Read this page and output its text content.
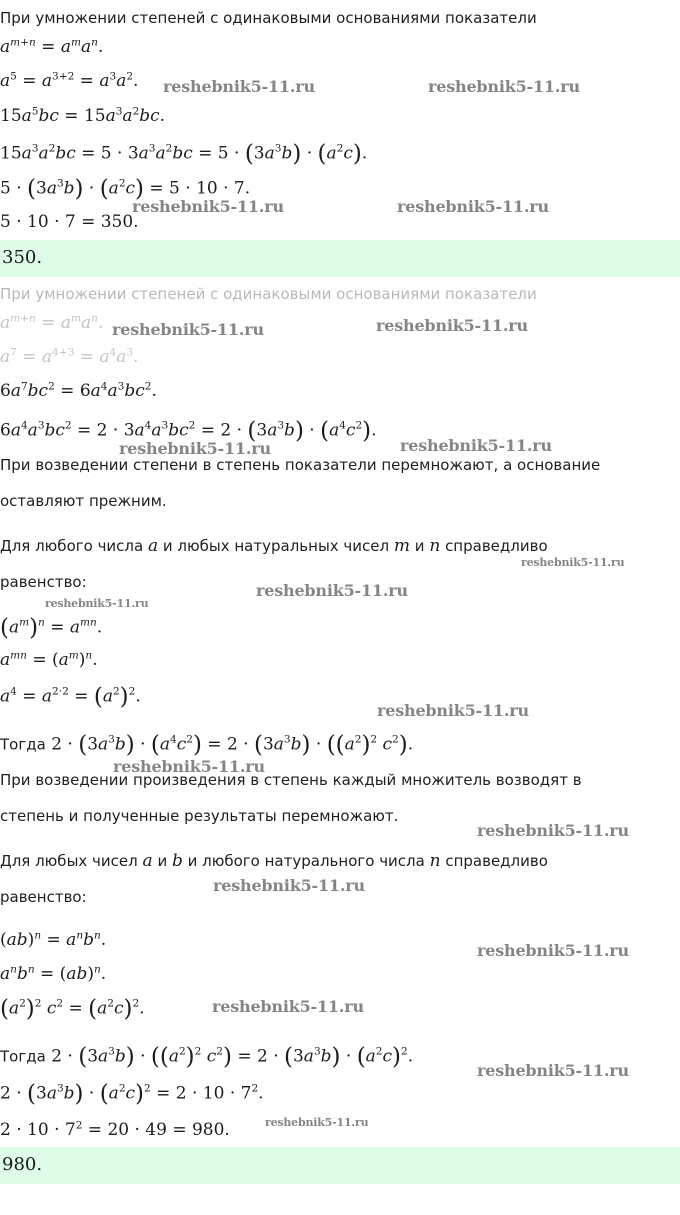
При умножении степеней с одинаковыми основаниями показатели
$a^{m+n} = a^ma^n$.
$a^5 = a^{3+2} = a^3a^2$.
$15a^5bc = 15a^3a^2bc$.
$15a^3a^2bc = 5 \cdot 3a^3a^2bc = 5 \cdot (3a^3b) \cdot (a^2c)$.
$5 \cdot (3a^3b) \cdot (a^2c) = 5 \cdot 10 \cdot 7$.
5 · 10 · 7 = 350.
350.
При умножении степеней с одинаковыми основаниями показатели
$a^{m+n} = a^ma^n$.
$a^7 = a^{4+3} = a^4a^3$.
$6a^7bc^2 = 6a^4a^3bc^2$.
$6a^4a^3bc^2 = 2 \cdot 3a^4a^3bc^2 = 2 \cdot (3a^3b) \cdot (a^4c^2)$.
При возведении степени в степень показатели перемножают, а основание
оставляют прежним.
Для любого числа a и любых натуральных чисел m и n справедливо
равенство:
$(a^m)^n = a^{mn}$.
$a^{mn} = (a^m)^n$.
$a^4 = a^{2\cdot 2} = (a^2)^2$.
Тогда $2 \cdot (3a^3b) \cdot (a^4c^2) = 2 \cdot (3a^3b) \cdot ((a^2)^2$ $c^2$).
При возведении произведения в степень каждый множитель возводят в
степень и полученные результаты перемножают.
Для любых чисел a и b и любого натурального числа n справедливо
равенство:
$(ab)^n = a^nb^n$.
$a^nb^n = (ab)^n$.
$(a^2)^2$ $c^2 = (a^2c)^2$.
Тогда $2 \cdot (3a^3b) \cdot ((a^2)^2$ $c^2) = 2 \cdot (3a^3b) \cdot (a^2c)^2$.
$2 \cdot (3a^3b) \cdot (a^2c)^2 = 2 \cdot 10 \cdot 7^2$.
$2 \cdot 10 \cdot 7^2 = 20 \cdot 49 = 980$.
980.
reshebnik5-11.ru	reshebnik5-11.ru
reshebnik5-11.ru	reshebnik5-11.ru
reshebnik5-11.ru	reshebnik5-11.ru
reshebnik5-11.ru	reshebnik5-11.ru
reshebnik5-11.ru
reshebnik5-11.ru
reshebnik5-11.ru
reshebnik5-11.ru
reshebnik5-11.ru
reshebnik5-11.ru
reshebnik5-11.ru
reshebnik5-11.ru
reshebnik5-11.ru
reshebnik5-11.ru
reshebnik5-11.ru
